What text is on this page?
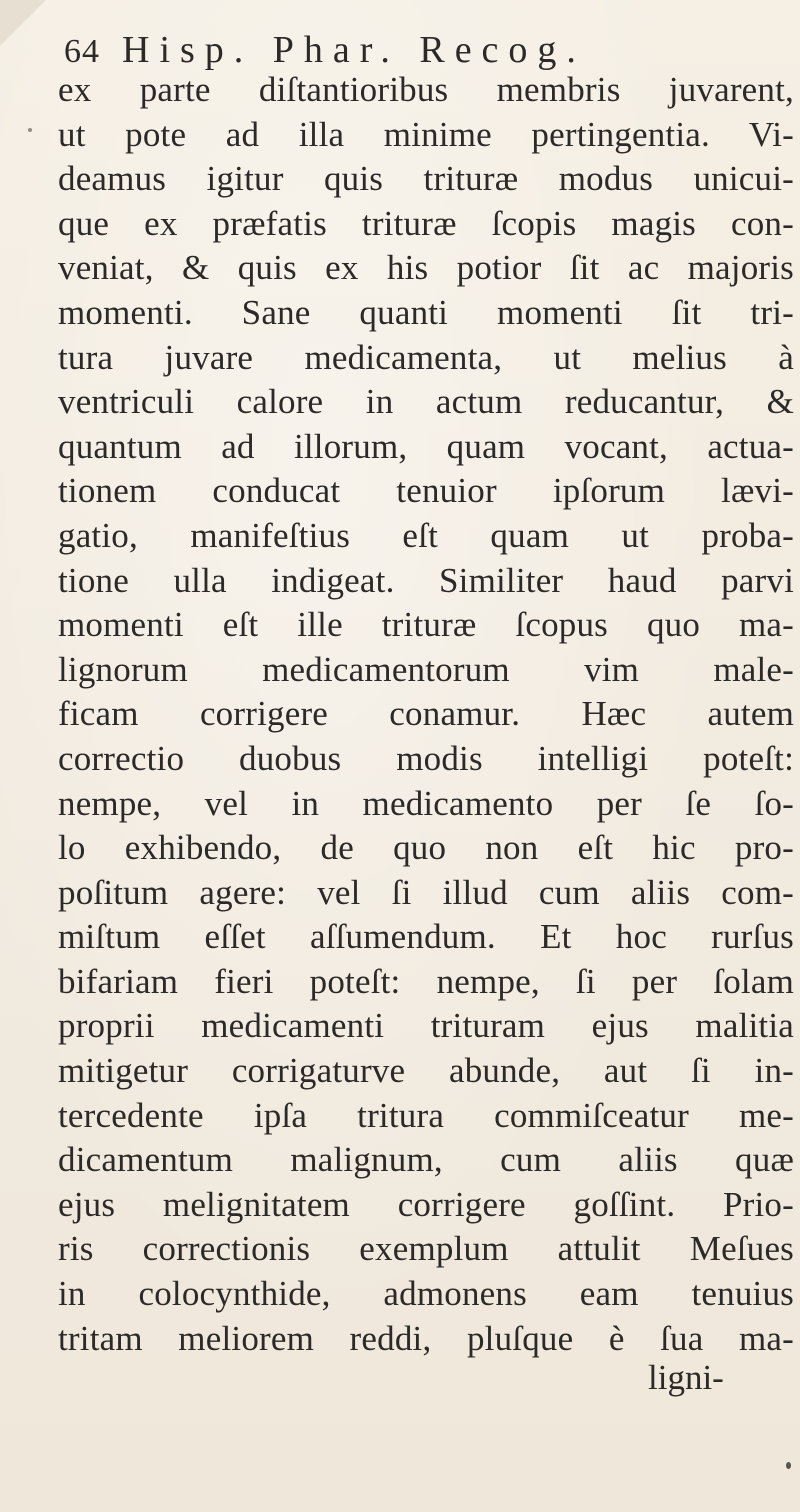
64 Hisp. Phar. Recog.
ex parte diſtantioribus membris juvarent,
ut pote ad illa minime pertingentia. Vi-
deamus igitur quis trituræ modus unicui-
que ex præfatis trituræ ſcopis magis con-
veniat, & quis ex his potior ſit ac majoris
momenti. Sane quanti momenti ſit tri-
tura juvare medicamenta, ut melius à
ventriculi calore in actum reducantur, &
quantum ad illorum, quam vocant, actua-
tionem conducat tenuior ipſorum lævi-
gatio, manifeſtius eſt quam ut proba-
tione ulla indigeat. Similiter haud parvi
momenti eſt ille trituræ ſcopus quo ma-
lignorum medicamentorum vim male-
ficam corrigere conamur. Hæc autem
correctio duobus modis intelligi poteſt:
nempe, vel in medicamento per ſe ſo-
lo exhibendo, de quo non eſt hic pro-
poſitum agere: vel ſi illud cum aliis com-
miſtum eſſet aſſumendum. Et hoc rurſus
bifariam fieri poteſt: nempe, ſi per ſolam
proprii medicamenti trituram ejus malitia
mitigetur corrigaturve abunde, aut ſi in-
tercedente ipſa tritura commiſceatur me-
dicamentum malignum, cum aliis quæ
ejus melignitatem corrigere goſſint. Prio-
ris correctionis exemplum attulit Meſues
in colocynthide, admonens eam tenuius
tritam meliorem reddi, pluſque è ſua ma-
ligni-
